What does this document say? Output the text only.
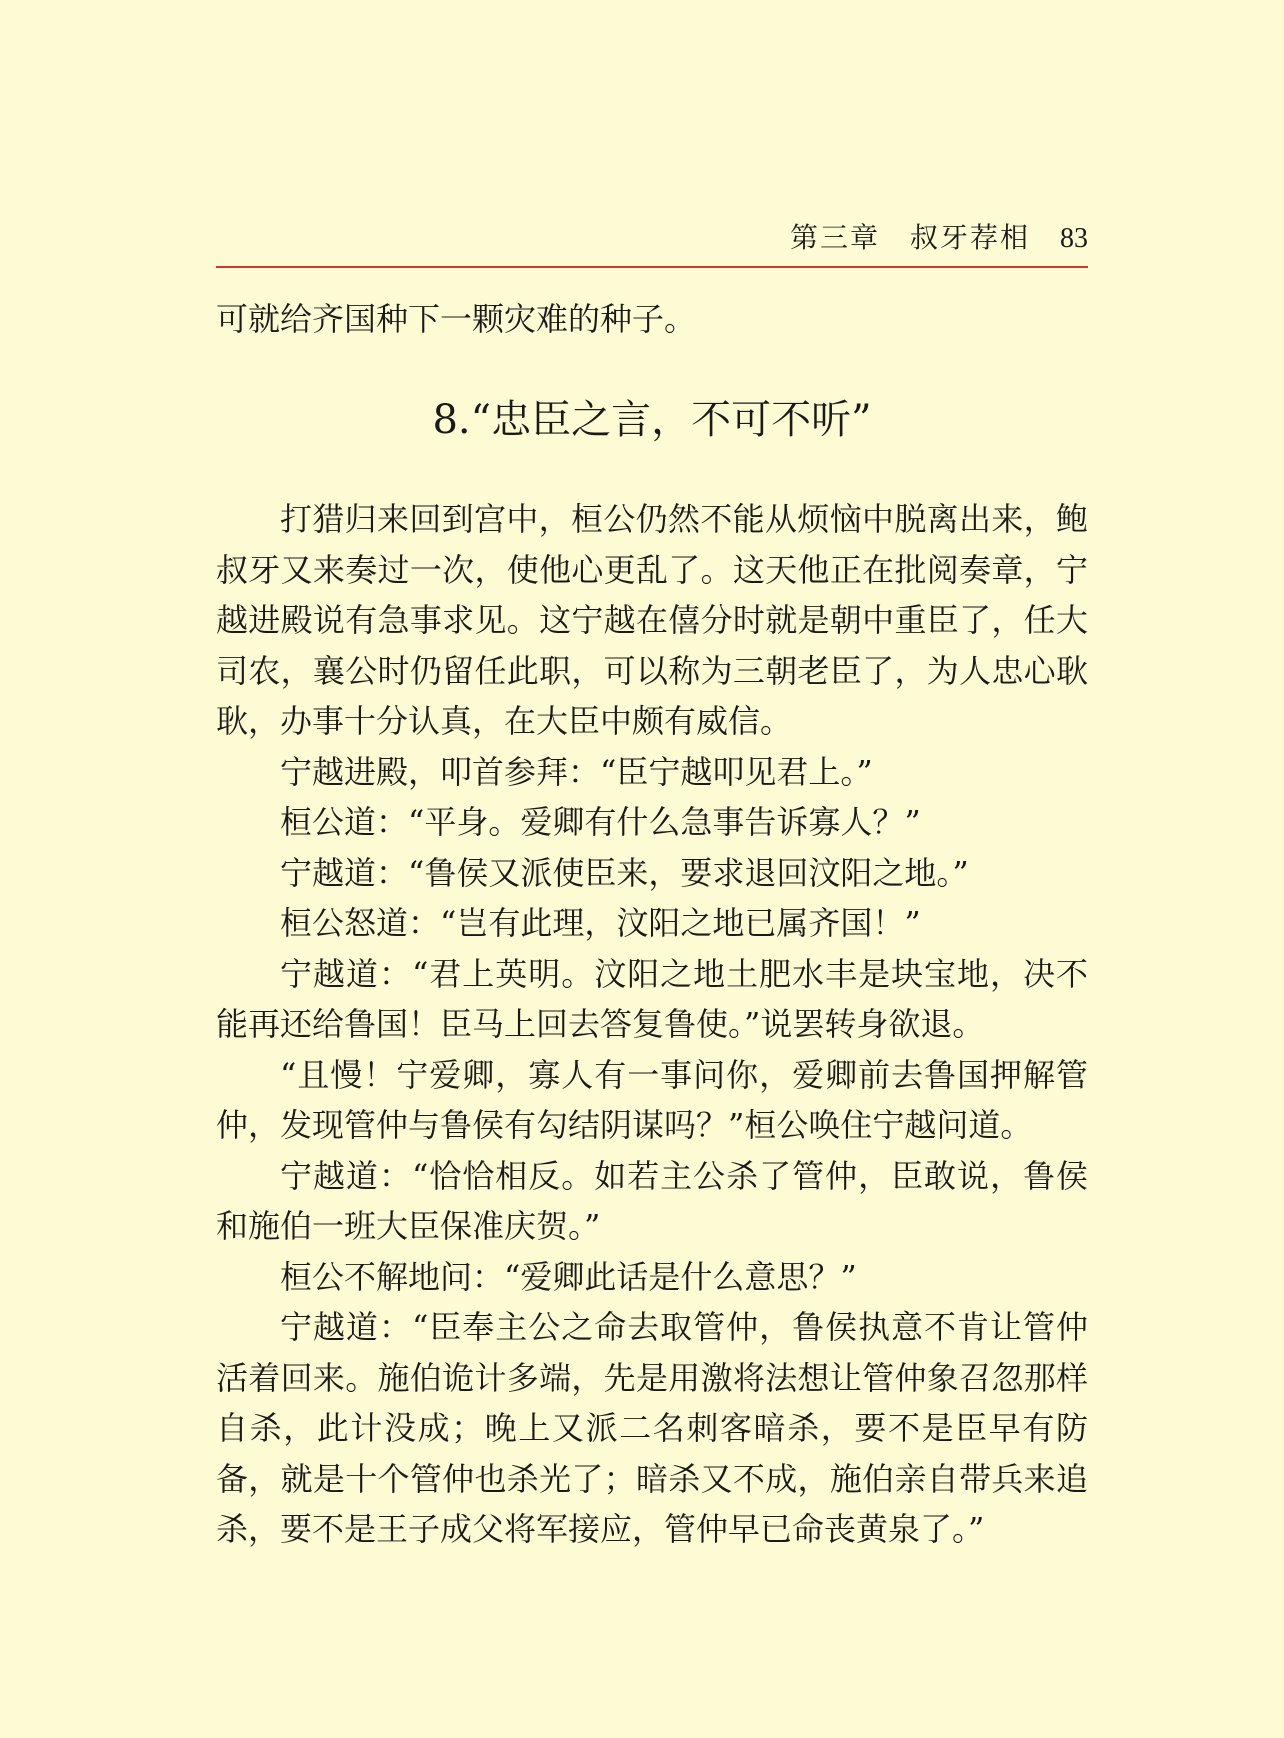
第三章 叔牙荐相 83

可就给齐国种下一颗灾难的种子。

8.“忠臣之言，不可不听”

打猎归来回到宫中，桓公仍然不能从烦恼中脱离出来，鲍叔牙又来奏过一次，使他心更乱了。这天他正在批阅奏章，宁越进殿说有急事求见。这宁越在僖分时就是朝中重臣了，任大司农，襄公时仍留任此职，可以称为三朝老臣了，为人忠心耿耿，办事十分认真，在大臣中颇有威信。

宁越进殿，叩首参拜：“臣宁越叩见君上。”

桓公道：“平身。爱卿有什么急事告诉寡人？”

宁越道：“鲁侯又派使臣来，要求退回汶阳之地。”

桓公怒道：“岂有此理，汶阳之地已属齐国！”

宁越道：“君上英明。汶阳之地土肥水丰是块宝地，决不能再还给鲁国！臣马上回去答复鲁使。”说罢转身欲退。

“且慢！宁爱卿，寡人有一事问你，爱卿前去鲁国押解管仲，发现管仲与鲁侯有勾结阴谋吗？”桓公唤住宁越问道。

宁越道：“恰恰相反。如若主公杀了管仲，臣敢说，鲁侯和施伯一班大臣保准庆贺。”

桓公不解地问：“爱卿此话是什么意思？”

宁越道：“臣奉主公之命去取管仲，鲁侯执意不肯让管仲活着回来。施伯诡计多端，先是用激将法想让管仲象召忽那样自杀，此计没成；晚上又派二名刺客暗杀，要不是臣早有防备，就是十个管仲也杀光了；暗杀又不成，施伯亲自带兵来追杀，要不是王子成父将军接应，管仲早已命丧黄泉了。”
